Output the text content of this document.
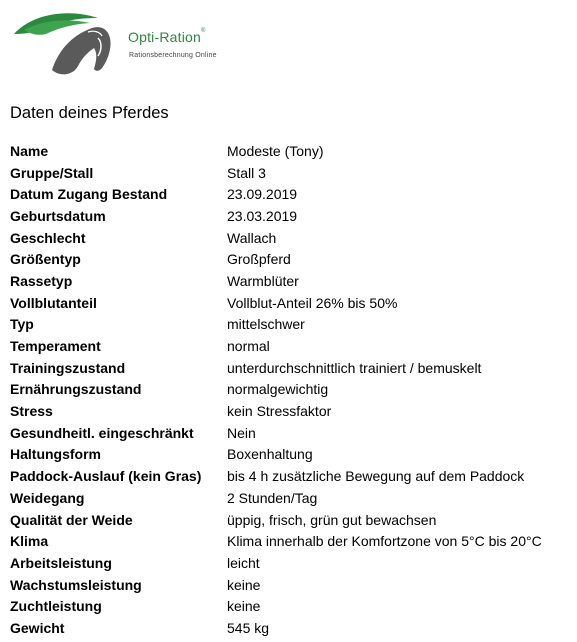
Opti-Ration®
Rationsberechnung Online
Daten deines Pferdes
Name	Modeste (Tony)
Gruppe/Stall	Stall 3
Datum Zugang Bestand	23.09.2019
Geburtsdatum	23.03.2019
Geschlecht	Wallach
Größentyp	Großpferd
Rassetyp	Warmblüter
Vollblutanteil	Vollblut-Anteil 26% bis 50%
Typ	mittelschwer
Temperament	normal
Trainingszustand	unterdurchschnittlich trainiert / bemuskelt
Ernährungszustand	normalgewichtig
Stress	kein Stressfaktor
Gesundheitl. eingeschränkt	Nein
Haltungsform	Boxenhaltung
Paddock-Auslauf (kein Gras)	bis 4 h zusätzliche Bewegung auf dem Paddock
Weidegang	2 Stunden/Tag
Qualität der Weide	üppig, frisch, grün gut bewachsen
Klima	Klima innerhalb der Komfortzone von 5°C bis 20°C
Arbeitsleistung	leicht
Wachstumsleistung	keine
Zuchtleistung	keine
Gewicht	545 kg
